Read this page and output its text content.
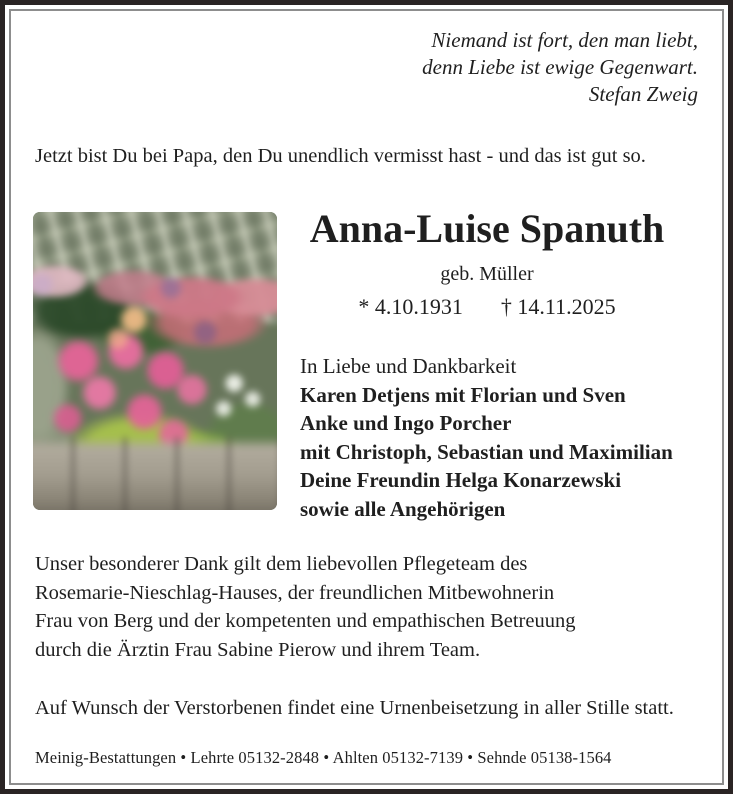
Niemand ist fort, den man liebt,
denn Liebe ist ewige Gegenwart.
Stefan Zweig
Jetzt bist Du bei Papa, den Du unendlich vermisst hast - und das ist gut so.
Anna-Luise Spanuth
geb. Müller
* 4.10.1931 † 14.11.2025
In Liebe und Dankbarkeit
Karen Detjens mit Florian und Sven
Anke und Ingo Porcher
mit Christoph, Sebastian und Maximilian
Deine Freundin Helga Konarzewski
sowie alle Angehörigen
Unser besonderer Dank gilt dem liebevollen Pflegeteam des
Rosemarie-Nieschlag-Hauses, der freundlichen Mitbewohnerin
Frau von Berg und der kompetenten und empathischen Betreuung
durch die Ärztin Frau Sabine Pierow und ihrem Team.
Auf Wunsch der Verstorbenen findet eine Urnenbeisetzung in aller Stille statt.
Meinig-Bestattungen • Lehrte 05132-2848 • Ahlten 05132-7139 • Sehnde 05138-1564
